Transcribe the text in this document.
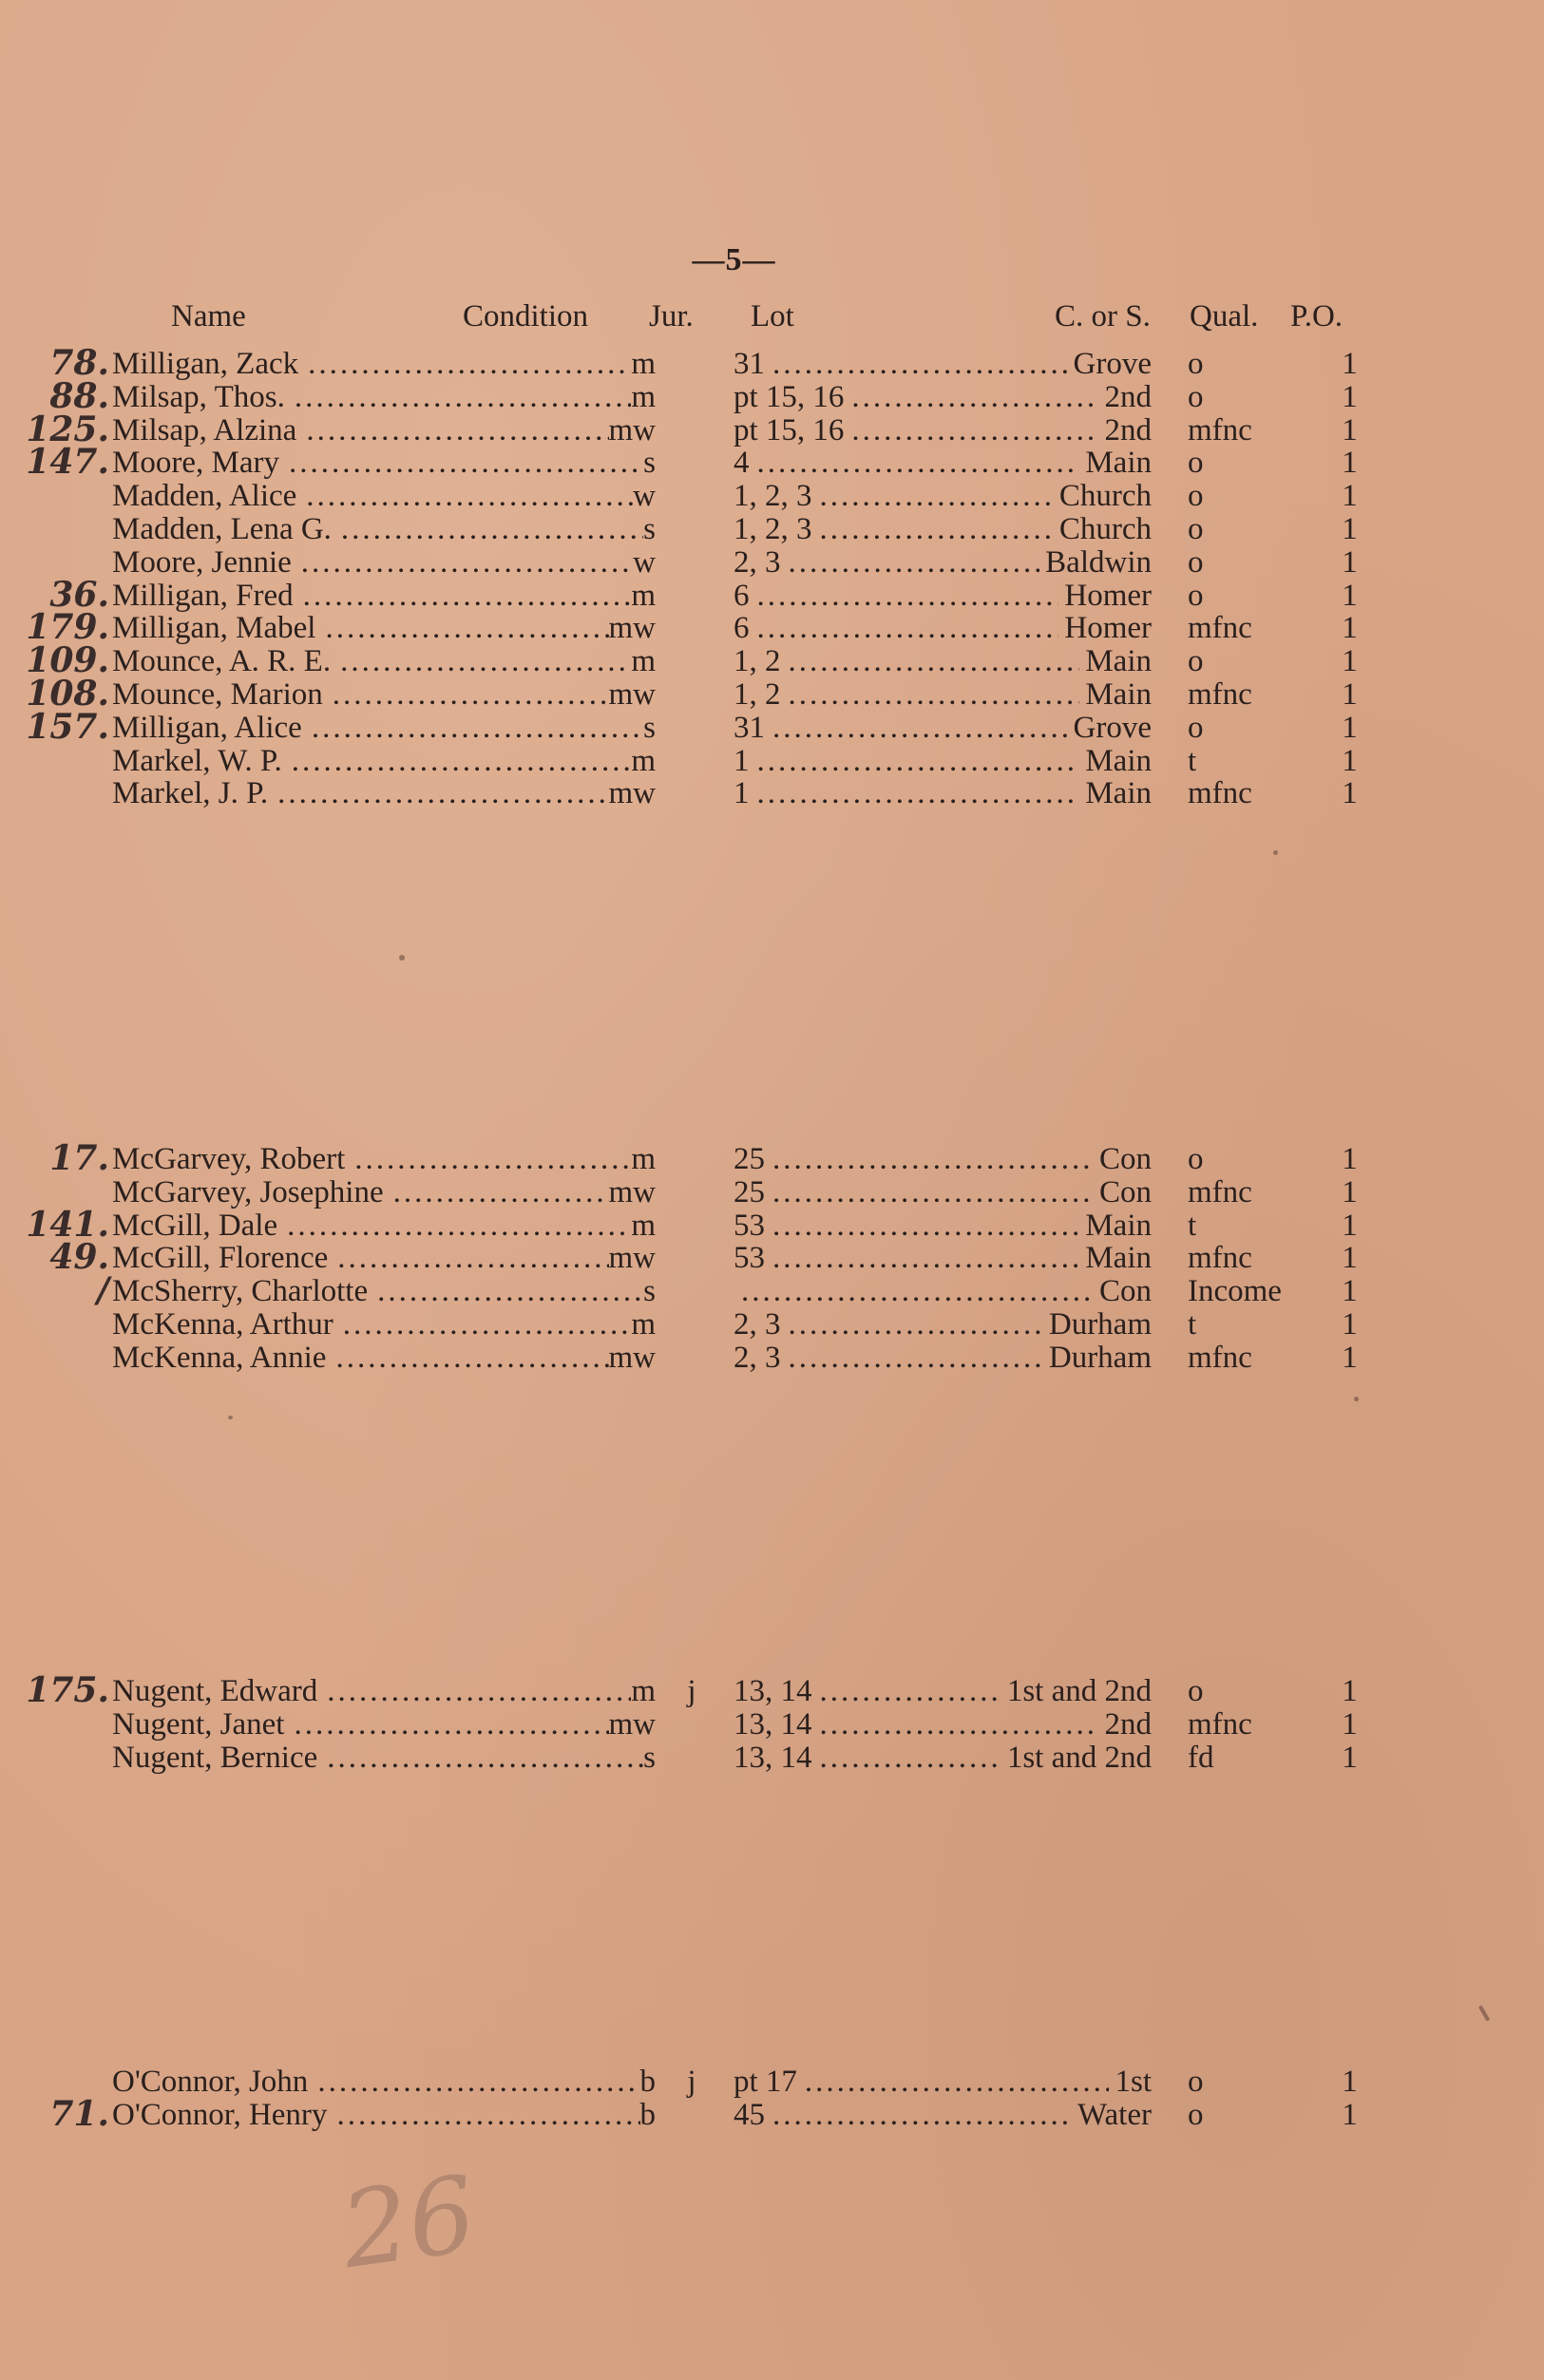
—5—
Name	Condition Jur. Lot	C. or S. Qual. P.O.
78. Milligan, Zack .....	m 31 .....	Grove o	1
88. Milsap, Thos. .....	m pt 15, 16 .....	2nd o	1
125. Milsap, Alzina .....	mw pt 15, 16 .....	2nd mfnc	1
147. Moore, Mary .....	s 4 .....	Main o	1
Madden, Alice .....	w 1, 2, 3 .....	Church o	1
Madden, Lena G. .....	s 1, 2, 3 .....	Church o	1
Moore, Jennie .....	w 2, 3 .....	Baldwin o	1
36. Milligan, Fred .....	m 6 .....	Homer o	1
179. Milligan, Mabel .....	mw 6 .....	Homer mfnc	1
109. Mounce, A. R. E. .....	m 1, 2 .....	Main o	1
108. Mounce, Marion .....	mw 1, 2 .....	Main mfnc	1
157. Milligan, Alice .....	s 31 .....	Grove o	1
Markel, W. P. .....	m 1 .....	Main t	1
Markel, J. P. .....	mw 1 .....	Main mfnc	1
17. McGarvey, Robert .....	m 25 .....	Con o	1
McGarvey, Josephine .....	mw 25 .....	Con mfnc	1
141. McGill, Dale .....	m 53 .....	Main t	1
49. McGill, Florence .....	mw 53 .....	Main mfnc	1
/ McSherry, Charlotte .....	s .....	Con Income 1
McKenna, Arthur .....	m 2, 3 .....	Durham t	1
McKenna, Annie .....	mw 2, 3 .....	Durham mfnc	1
175. Nugent, Edward .....	m j 13, 14 .....	1st and 2nd o	1
Nugent, Janet .....	mw 13, 14 .....	2nd mfnc	1
Nugent, Bernice .....	s 13, 14 .....	1st and 2nd fd	1
O'Connor, John .....	b j pt 17 .....	1st o	1
71. O'Connor, Henry .....	b 45 .....	Water o	1
26
